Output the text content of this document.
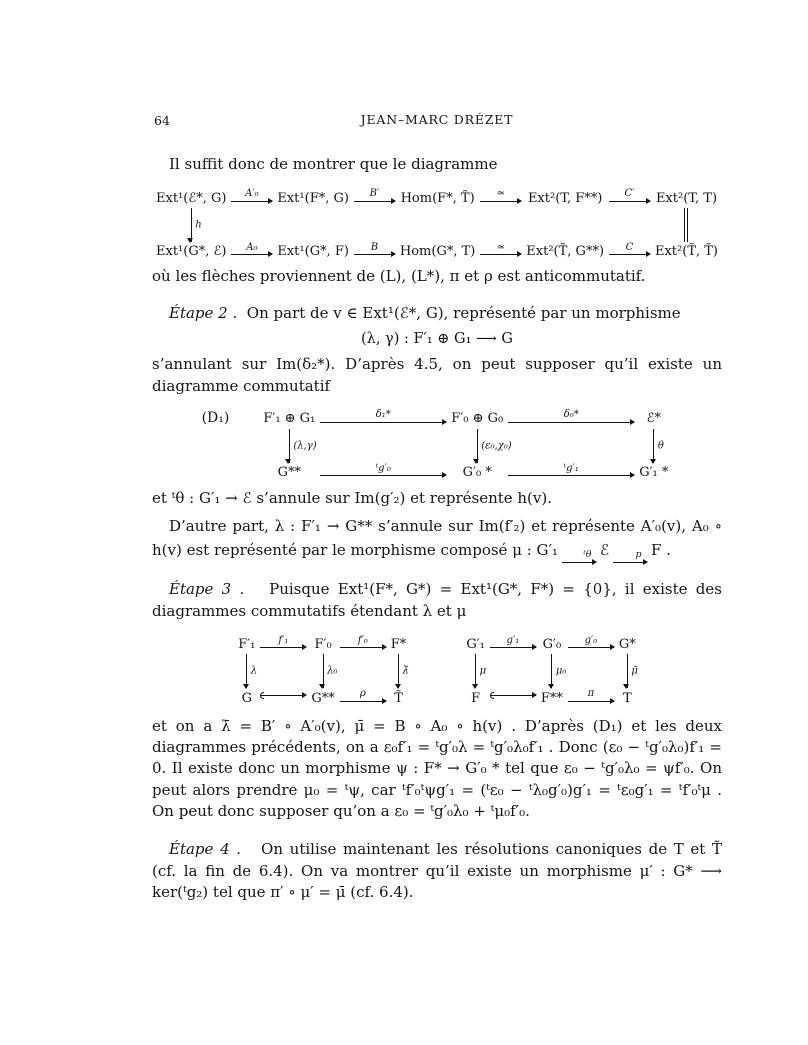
64	JEAN–MARC DRÉZET

Il suffit donc de montrer que le diagramme

Ext¹(ℰ*, G)	A′₀	Ext¹(F*, G)	B′	Hom(F*, T̃)	≃	Ext²(T, F**)	C′	Ext²(T, T)
h
Ext¹(G*, ℰ)	A₀	Ext¹(G*, F)	B	Hom(G*, T)	≃	Ext²(T̃, G**)	C	Ext²(T̃, T̃)

où les flèches proviennent de (L), (L*), π et ρ est anticommutatif.

Étape 2 . On part de v ∈ Ext¹(ℰ*, G), représenté par un morphisme

(λ, γ) : F′₁ ⊕ G₁ ⟶ G

s’annulant sur Im(δ₂*). D’après 4.5, on peut supposer qu’il existe un diagramme commutatif

(D₁)	F′₁ ⊕ G₁	δ₁*	F′₀ ⊕ G₀	δ₀*	ℰ*
(λ,γ)	(ε₀,χ₀)	θ
G**	ᵗg′₀	G′₀ *	ᵗg′₁	G′₁ *

et ᵗθ : G′₁ → ℰ s’annule sur Im(g′₂) et représente h(v).

D’autre part, λ : F′₁ → G** s’annule sur Im(f′₂) et représente A′₀(v), A₀ ∘ h(v) est représenté par le morphisme composé μ : G′₁	ᵗθ ℰ	p F .

Étape 3 . Puisque Ext¹(F*, G*) = Ext¹(G*, F*) = {0}, il existe des diagrammes commutatifs étendant λ et μ

F′₁	f′₁	F′₀	f′₀	F*
λ	λ₀	λ̄
G	G**	ρ	T̃
G′₁	g′₁	G′₀	g′₀	G*
μ	μ₀	μ̄
F	F**	π	T

et on a λ̄ = B′ ∘ A′₀(v), μ̄ = B ∘ A₀ ∘ h(v) . D’après (D₁) et les deux diagrammes précédents, on a ε₀f′₁ = ᵗg′₀λ = ᵗg′₀λ₀f′₁ . Donc (ε₀ − ᵗg′₀λ₀)f′₁ = 0. Il existe donc un morphisme ψ : F* → G′₀ * tel que ε₀ − ᵗg′₀λ₀ = ψf′₀. On peut alors prendre μ₀ = ᵗψ, car ᵗf′₀ᵗψg′₁ = (ᵗε₀ − ᵗλ₀g′₀)g′₁ = ᵗε₀g′₁ = ᵗf′₀ᵗμ . On peut donc supposer qu’on a ε₀ = ᵗg′₀λ₀ + ᵗμ₀f′₀.

Étape 4 . On utilise maintenant les résolutions canoniques de T et T̃ (cf. la fin de 6.4). On va montrer qu’il existe un morphisme μ′ : G* ⟶ ker(ᵗg₂) tel que π′ ∘ μ′ = μ̄ (cf. 6.4).
